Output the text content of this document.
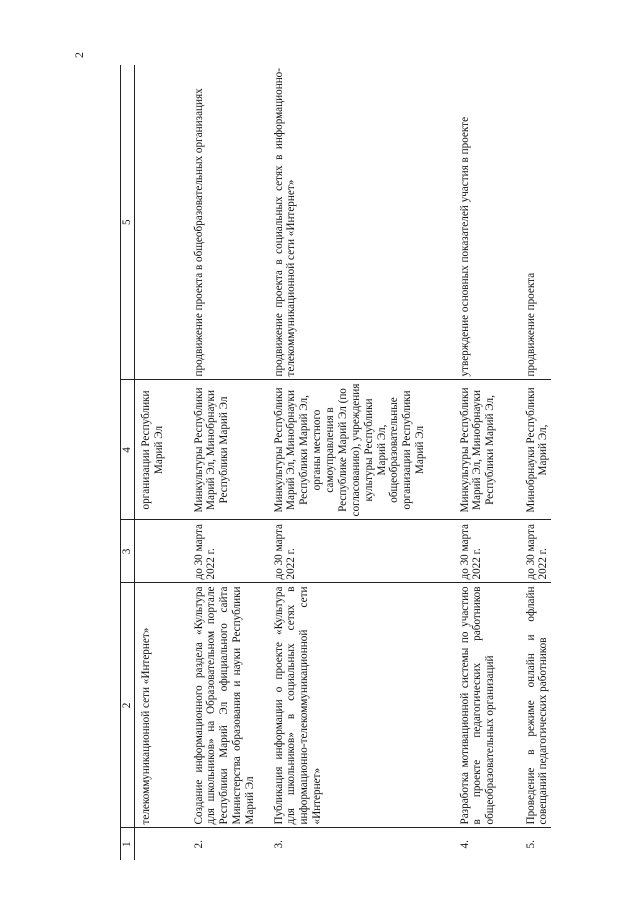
2
1	2	3	4	5
	телекоммуникационной сети «Интернет»		организации Республики Марий Эл	
2.	Создание информационного раздела «Культура для школьников» на Образовательном портале Республики Марий Эл официального сайта Министерства образования и науки Республики Марий Эл	до 30 марта 2022 г.	Минкультуры Республики Марий Эл, Минобрнауки Республики Марий Эл	продвижение проекта в общеобразовательных организациях
3.	Публикация информации о проекте «Культура для школьников» в социальных сетях в информационно-телекоммуникационной сети «Интернет»	до 30 марта 2022 г.	Минкультуры Республики Марий Эл, Минобрнауки Республики Марий Эл, органы местного самоуправления в Республике Марий Эл (по согласованию), учреждения культуры Республики Марий Эл, общеобразовательные организации Республики Марий Эл	продвижение проекта в социальных сетях в информационно-телекоммуникационной сети «Интернет»
4.	Разработка мотивационной системы по участию в проекте педагогических работников общеобразовательных организаций	до 30 марта 2022 г.	Минкультуры Республики Марий Эл, Минобрнауки Республики Марий Эл,	утверждение основных показателей участия в проекте
5.	Проведение в режиме онлайн и офлайн совещаний педагогических работников	до 30 марта 2022 г.	Минобрнауки Республики Марий Эл,	продвижение проекта
